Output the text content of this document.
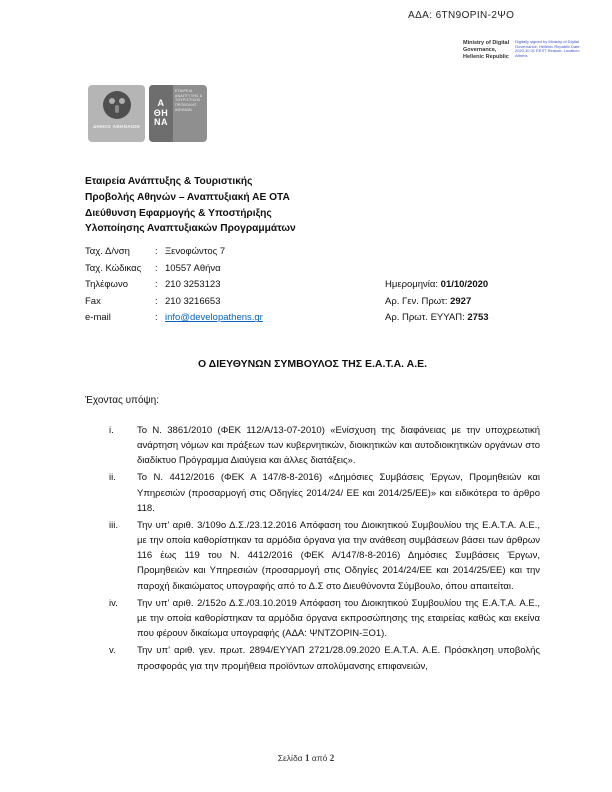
ΑΔΑ: 6ΤΝ9ΟΡΙΝ-2ΨΟ
Ministry of Digital Governance, Hellenic Republic
Digitally signed by Ministry of Digital Governance, Hellenic Republic Date: 2020.10.01 EEST Reason: Location: Athens
ΔΗΜΟΣ ΑΘΗΝΑΙΩΝ
Α
ΘΗ
ΝΑ
ΕΤΑΙΡΕΙΑ ΑΝΑΠΤΥΞΗΣ & ΤΟΥΡΙΣΤΙΚΗΣ ΠΡΟΒΟΛΗΣ ΑΘΗΝΩΝ
Εταιρεία Ανάπτυξης & Τουριστικής
Προβολής Αθηνών – Αναπτυξιακή ΑΕ ΟΤΑ
Διεύθυνση Εφαρμογής & Υποστήριξης
Υλοποίησης Αναπτυξιακών Προγραμμάτων
Ταχ. Δ/νση	: Ξενοφώντος 7
Ταχ. Κώδικας	: 10557 Αθήνα
Τηλέφωνο	: 210 3253123
Fax	: 210 3216653
e-mail	: info@developathens.gr
Ημερομηνία: 01/10/2020
Αρ. Γεν. Πρωτ: 2927
Αρ. Πρωτ. ΕΥΥΑΠ: 2753
Ο ΔΙΕΥΘΥΝΩΝ ΣΥΜΒΟΥΛΟΣ ΤΗΣ Ε.Α.Τ.Α. Α.Ε.
Έχοντας υπόψη:
i.	Το Ν. 3861/2010 (ΦΕΚ 112/Α/13-07-2010) «Ενίσχυση της διαφάνειας με την υποχρεωτική ανάρτηση νόμων και πράξεων των κυβερνητικών, διοικητικών και αυτοδιοικητικών οργάνων στο διαδίκτυο Πρόγραμμα Διαύγεια και άλλες διατάξεις».
ii.	Το Ν. 4412/2016 (ΦΕΚ Α 147/8-8-2016) «Δημόσιες Συμβάσεις Έργων, Προμηθειών και Υπηρεσιών (προσαρμογή στις Οδηγίες 2014/24/ ΕΕ και 2014/25/ΕΕ)» και ειδικότερα το άρθρο 118.
iii.	Την υπ’ αριθ. 3/109ο Δ.Σ./23.12.2016 Απόφαση του Διοικητικού Συμβουλίου της Ε.Α.Τ.Α. Α.Ε., με την οποία καθορίστηκαν τα αρμόδια όργανα για την ανάθεση συμβάσεων βάσει των άρθρων 116 έως 119 του Ν. 4412/2016 (ΦΕΚ Α/147/8-8-2016) Δημόσιες Συμβάσεις Έργων, Προμηθειών και Υπηρεσιών (προσαρμογή στις Οδηγίες 2014/24/ΕΕ και 2014/25/ΕΕ) και την παροχή δικαιώματος υπογραφής από το Δ.Σ στο Διευθύνοντα Σύμβουλο, όπου απαιτείται.
iv.	Την υπ’ αριθ. 2/152ο Δ.Σ./03.10.2019 Απόφαση του Διοικητικού Συμβουλίου της Ε.Α.Τ.Α. Α.Ε., με την οποία καθορίστηκαν τα αρμόδια όργανα εκπροσώπησης της εταιρείας καθώς και εκείνα που φέρουν δικαίωμα υπογραφής (ΑΔΑ: ΨΝΤΖΟΡΙΝ-ΞΟ1).
v.	Την υπ’ αριθ. γεν. πρωτ. 2894/ΕΥΥΑΠ 2721/28.09.2020 Ε.Α.Τ.Α. Α.Ε. Πρόσκληση υποβολής προσφοράς για την προμήθεια προϊόντων απολύμανσης επιφανειών,
Σελίδα 1 από 2
